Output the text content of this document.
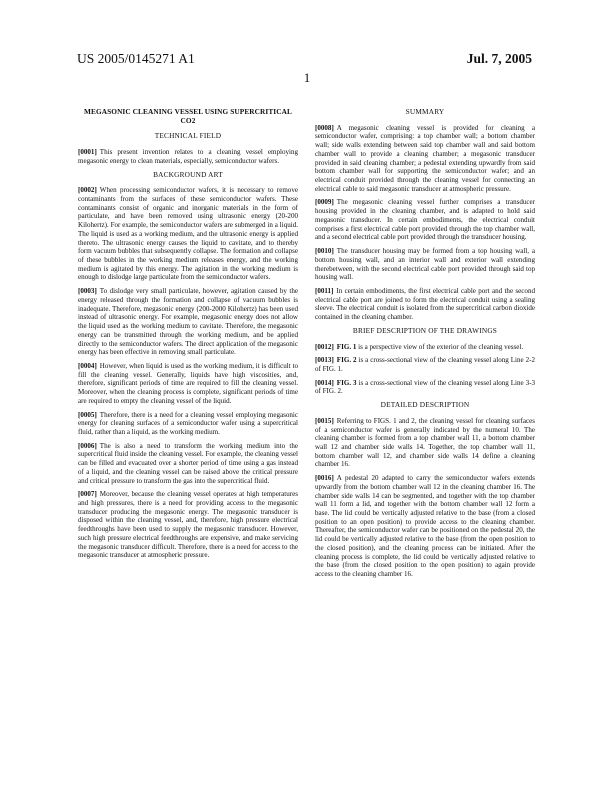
US 2005/0145271 A1	Jul. 7, 2005
1
MEGASONIC CLEANING VESSEL USING SUPERCRITICAL CO2
TECHNICAL FIELD

[0001] This present invention relates to a cleaning vessel employing megasonic energy to clean materials, especially, semiconductor wafers.

BACKGROUND ART

[0002] When processing semiconductor wafers, it is necessary to remove contaminants from the surfaces of these semiconductor wafers. These contaminants consist of organic and inorganic materials in the form of particulate, and have been removed using ultrasonic energy (20-200 Kilohertz). For example, the semiconductor wafers are submerged in a liquid. The liquid is used as a working medium, and the ultrasonic energy is applied thereto. The ultrasonic energy causes the liquid to cavitate, and to thereby form vacuum bubbles that subsequently collapse. The formation and collapse of these bubbles in the working medium releases energy, and the working medium is agitated by this energy. The agitation in the working medium is enough to dislodge large particulate from the semiconductor wafers.

[0003] To dislodge very small particulate, however, agitation caused by the energy released through the formation and collapse of vacuum bubbles is inadequate. Therefore, megasonic energy (200-2000 Kilohertz) has been used instead of ultrasonic energy. For example, megasonic energy does not allow the liquid used as the working medium to cavitate. Therefore, the megasonic energy can be transmitted through the working medium, and be applied directly to the semiconductor wafers. The direct application of the megasonic energy has been effective in removing small particulate.

[0004] However, when liquid is used as the working medium, it is difficult to fill the cleaning vessel. Generally, liquids have high viscosities, and, therefore, significant periods of time are required to fill the cleaning vessel. Moreover, when the cleaning process is complete, significant periods of time are required to empty the cleaning vessel of the liquid.

[0005] Therefore, there is a need for a cleaning vessel employing megasonic energy for cleaning surfaces of a semiconductor wafer using a supercritical fluid, rather than a liquid, as the working medium.

[0006] The is also a need to transform the working medium into the supercritical fluid inside the cleaning vessel. For example, the cleaning vessel can be filled and evacuated over a shorter period of time using a gas instead of a liquid, and the cleaning vessel can be raised above the critical pressure and critical pressure to transform the gas into the supercritical fluid.

[0007] Moreover, because the cleaning vessel operates at high temperatures and high pressures, there is a need for providing access to the megasonic transducer producing the megasonic energy. The megasonic transducer is disposed within the cleaning vessel, and, therefore, high pressure electrical feedthroughs have been used to supply the megasonic transducer. However, such high pressure electrical feedthroughs are expensive, and make servicing the megasonic transducer difficult. Therefore, there is a need for access to the megasonic transducer at atmospheric pressure.

SUMMARY

[0008] A megasonic cleaning vessel is provided for cleaning a semiconductor wafer, comprising: a top chamber wall; a bottom chamber wall; side walls extending between said top chamber wall and said bottom chamber wall to provide a cleaning chamber; a megasonic transducer provided in said cleaning chamber; a pedestal extending upwardly from said bottom chamber wall for supporting the semiconductor wafer; and an electrical conduit provided through the cleaning vessel for connecting an electrical cable to said megasonic transducer at atmospheric pressure.

[0009] The megasonic cleaning vessel further comprises a transducer housing provided in the cleaning chamber, and is adapted to hold said megasonic transducer. In certain embodiments, the electrical conduit comprises a first electrical cable port provided through the top chamber wall, and a second electrical cable port provided through the transducer housing.

[0010] The transducer housing may be formed from a top housing wall, a bottom housing wall, and an interior wall and exterior wall extending therebetween, with the second electrical cable port provided through said top housing wall.

[0011] In certain embodiments, the first electrical cable port and the second electrical cable port are joined to form the electrical conduit using a sealing sleeve. The electrical conduit is isolated from the supercritical carbon dioxide contained in the cleaning chamber.

BRIEF DESCRIPTION OF THE DRAWINGS

[0012] FIG. 1 is a perspective view of the exterior of the cleaning vessel.

[0013] FIG. 2 is a cross-sectional view of the cleaning vessel along Line 2-2 of FIG. 1.

[0014] FIG. 3 is a cross-sectional view of the cleaning vessel along Line 3-3 of FIG. 2.

DETAILED DESCRIPTION

[0015] Referring to FIGS. 1 and 2, the cleaning vessel for cleaning surfaces of a semiconductor wafer is generally indicated by the numeral 10. The cleaning chamber is formed from a top chamber wall 11, a bottom chamber wall 12 and chamber side walls 14. Together, the top chamber wall 11, bottom chamber wall 12, and chamber side walls 14 define a cleaning chamber 16.

[0016] A pedestal 20 adapted to carry the semiconductor wafers extends upwardly from the bottom chamber wall 12 in the cleaning chamber 16. The chamber side walls 14 can be segmented, and together with the top chamber wall 11 form a lid, and together with the bottom chamber wall 12 form a base. The lid could be vertically adjusted relative to the base (from a closed position to an open position) to provide access to the cleaning chamber. Thereafter, the semiconductor wafer can be positioned on the pedestal 20, the lid could be vertically adjusted relative to the base (from the open position to the closed position), and the cleaning process can be initiated. After the cleaning process is complete, the lid could be vertically adjusted relative to the base (from the closed position to the open position) to again provide access to the cleaning chamber 16.
